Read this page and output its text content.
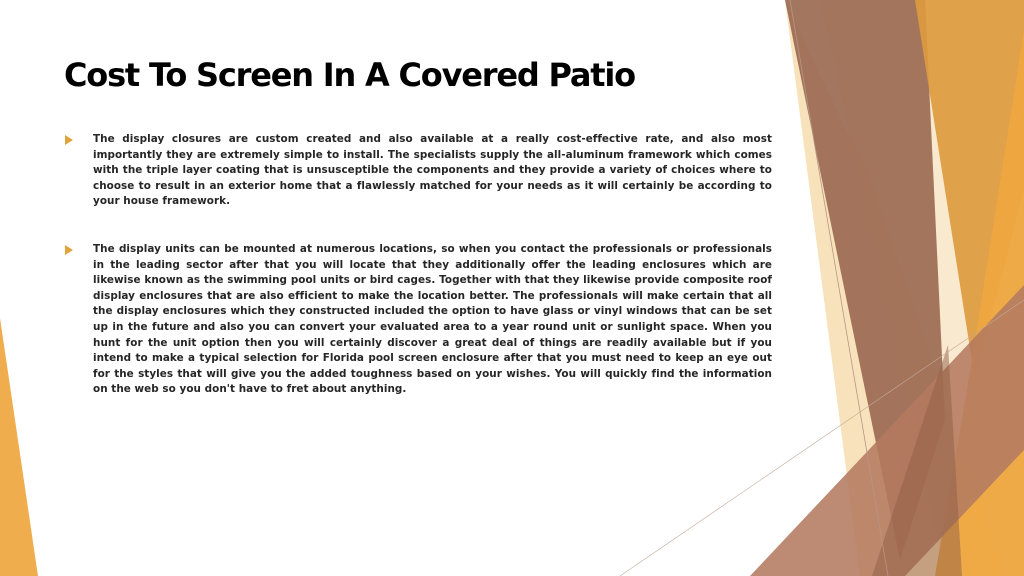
Cost To Screen In A Covered Patio
The display closures are custom created and also available at a really cost-effective rate, and also most importantly they are extremely simple to install. The specialists supply the all-aluminum framework which comes with the triple layer coating that is unsusceptible the components and they provide a variety of choices where to choose to result in an exterior home that a flawlessly matched for your needs as it will certainly be according to your house framework.
The display units can be mounted at numerous locations, so when you contact the professionals or professionals in the leading sector after that you will locate that they additionally offer the leading enclosures which are likewise known as the swimming pool units or bird cages. Together with that they likewise provide composite roof display enclosures that are also efficient to make the location better. The professionals will make certain that all the display enclosures which they constructed included the option to have glass or vinyl windows that can be set up in the future and also you can convert your evaluated area to a year round unit or sunlight space. When you hunt for the unit option then you will certainly discover a great deal of things are readily available but if you intend to make a typical selection for Florida pool screen enclosure after that you must need to keep an eye out for the styles that will give you the added toughness based on your wishes. You will quickly find the information on the web so you don't have to fret about anything.
